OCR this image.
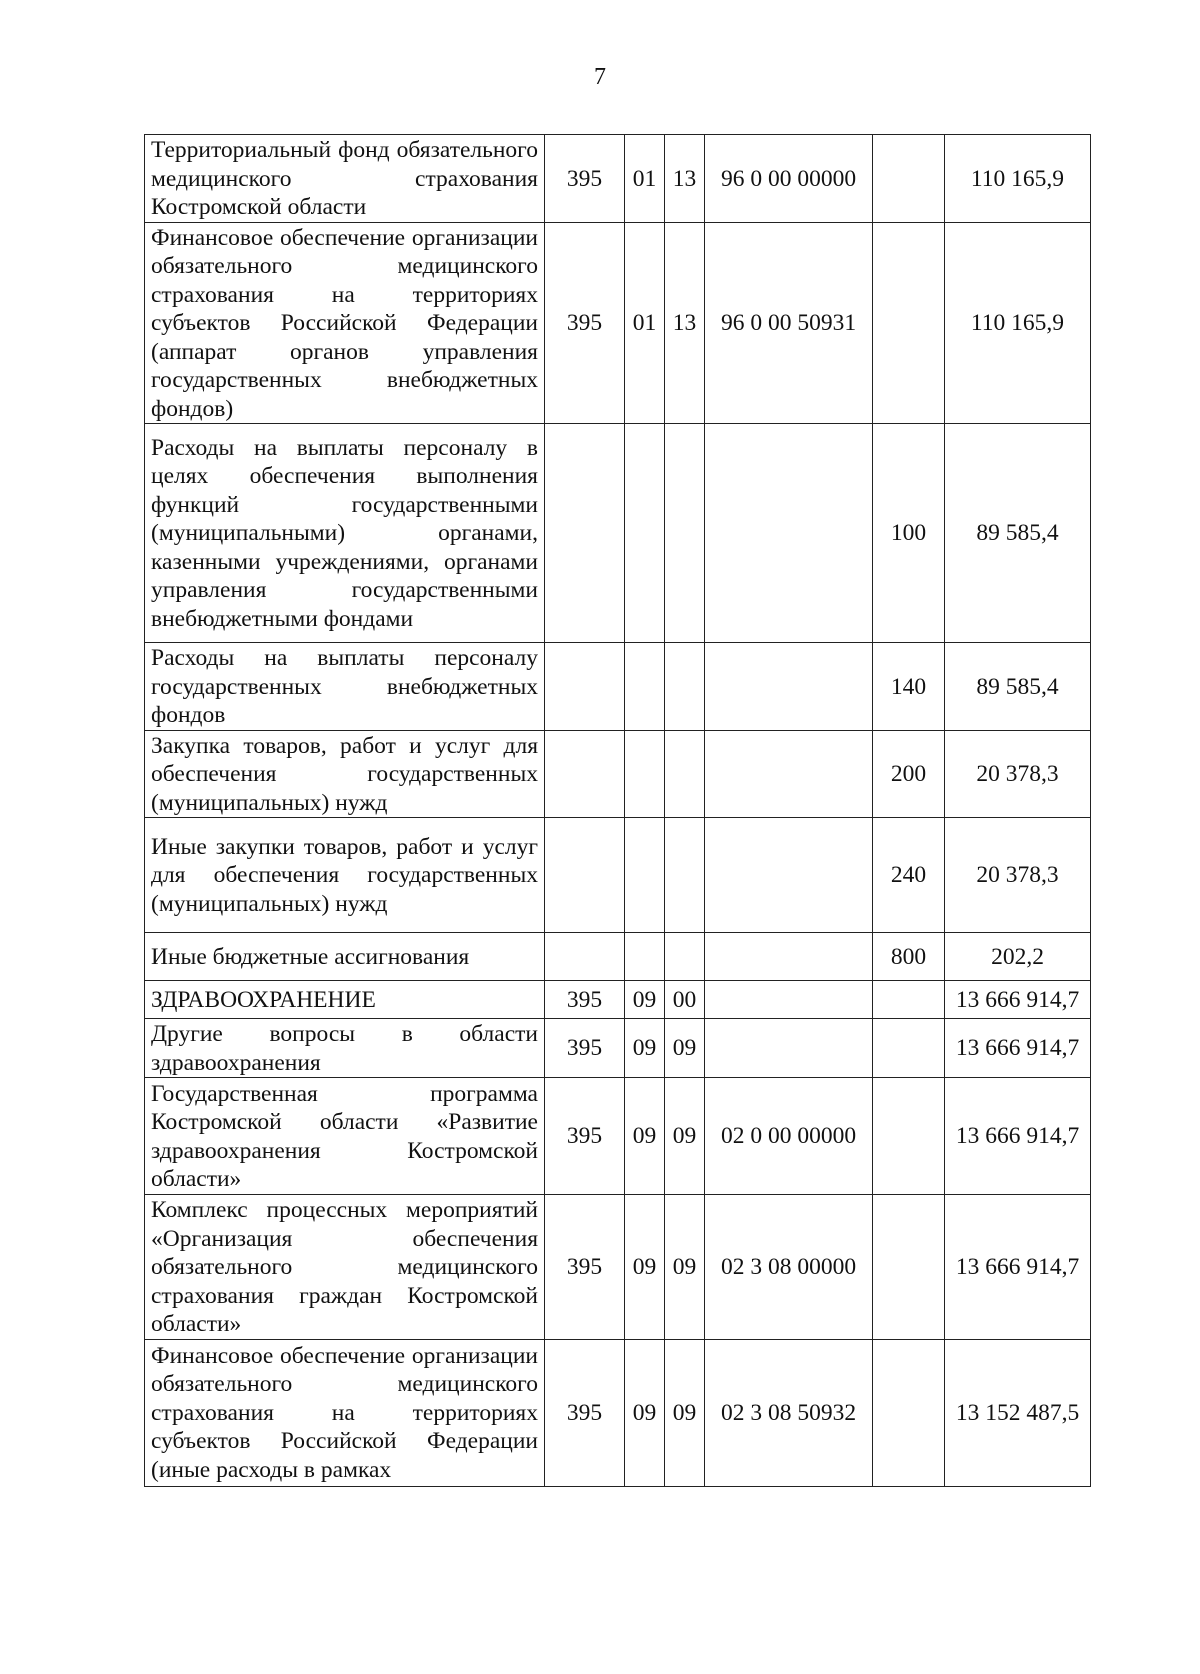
7
Территориальный фонд обязательного медицинского страхования Костромской области	395	01	13	96 0 00 00000		110 165,9
Финансовое обеспечение организации обязательного медицинского страхования на территориях субъектов Российской Федерации (аппарат органов управления государственных внебюджетных фондов)	395	01	13	96 0 00 50931		110 165,9
Расходы на выплаты персоналу в целях обеспечения выполнения функций государственными (муниципальными) органами, казенными учреждениями, органами управления государственными внебюджетными фондами					100	89 585,4
Расходы на выплаты персоналу государственных внебюджетных фондов					140	89 585,4
Закупка товаров, работ и услуг для обеспечения государственных (муниципальных) нужд					200	20 378,3
Иные закупки товаров, работ и услуг для обеспечения государственных (муниципальных) нужд					240	20 378,3
Иные бюджетные ассигнования					800	202,2
ЗДРАВООХРАНЕНИЕ	395	09	00			13 666 914,7
Другие вопросы в области здравоохранения	395	09	09			13 666 914,7
Государственная программа Костромской области «Развитие здравоохранения Костромской области»	395	09	09	02 0 00 00000		13 666 914,7
Комплекс процессных мероприятий «Организация обеспечения обязательного медицинского страхования граждан Костромской области»	395	09	09	02 3 08 00000		13 666 914,7
Финансовое обеспечение организации обязательного медицинского страхования на территориях субъектов Российской Федерации (иные расходы в рамках	395	09	09	02 3 08 50932		13 152 487,5
